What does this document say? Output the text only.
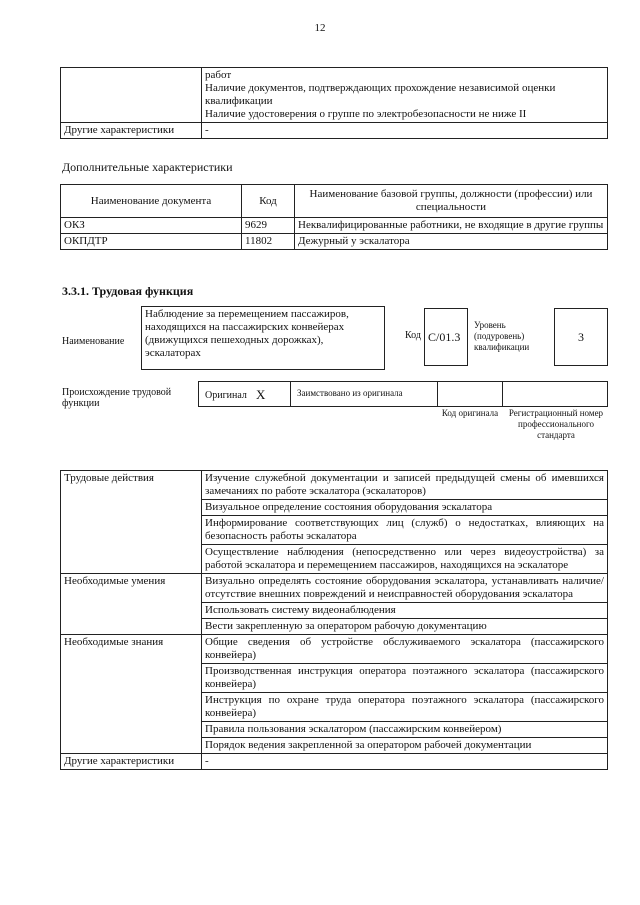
12

	работ
Наличие документов, подтверждающих прохождение независимой оценки квалификации
Наличие удостоверения о группе по электробезопасности не ниже II

Другие характеристики	-
Дополнительные характеристики
Наименование документа	Код	Наименование базовой группы, должности (профессии) или специальности
ОКЗ	9629	Неквалифицированные работники, не входящие в другие группы
ОКПДТР	11802	Дежурный у эскалатора
3.3.1. Трудовая функция
Наименование
Наблюдение за перемещением пассажиров, находящихся на пассажирских конвейерах (движущихся пешеходных дорожках), эскалаторах
Код С/01.3
Уровень (подуровень) квалификации
3
Происхождение трудовой функции
Оригинал X	Заимствовано из оригинала
Код оригинала	Регистрационный номер профессионального стандарта
Трудовые действия	Изучение служебной документации и записей предыдущей смены об имевшихся замечаниях по работе эскалатора (эскалаторов)
	Визуальное определение состояния оборудования эскалатора
	Информирование соответствующих лиц (служб) о недостатках, влияющих на безопасность работы эскалатора
	Осуществление наблюдения (непосредственно или через видеоустройства) за работой эскалатора и перемещением пассажиров, находящихся на эскалаторе
Необходимые умения	Визуально определять состояние оборудования эскалатора, устанавливать наличие/отсутствие внешних повреждений и неисправностей оборудования эскалатора
	Использовать систему видеонаблюдения
	Вести закрепленную за оператором рабочую документацию
Необходимые знания	Общие сведения об устройстве обслуживаемого эскалатора (пассажирского конвейера)
	Производственная инструкция оператора поэтажного эскалатора (пассажирского конвейера)
	Инструкция по охране труда оператора поэтажного эскалатора (пассажирского конвейера)
	Правила пользования эскалатором (пассажирским конвейером)
	Порядок ведения закрепленной за оператором рабочей документации
Другие характеристики	-
